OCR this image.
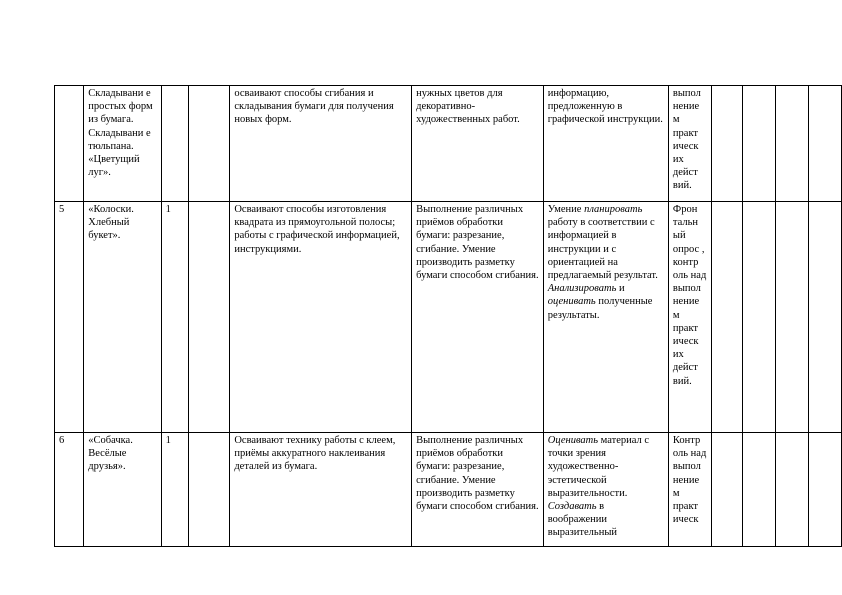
	Складывани е простых форм из бумага. Складывани е тюльпана. «Цветущий луг».			осваивают способы сгибания и складывания бумаги для получения новых форм.	нужных цветов для декоративно-художественных работ.	информацию, предложенную в графической инструкции.	выпол нение м практ ическ их дейст вий.				
5	«Колоски. Хлебный букет».	1		Осваивают способы изготовления квадрата из прямоугольной полосы; работы с графической информацией, инструкциями.	Выполнение различных приёмов обработки бумаги: разрезание, сгибание. Умение производить разметку бумаги способом сгибания.	Умение планировать работу в соответствии с информацией в инструкции и с ориентацией на предлагаемый результат. Анализировать и оценивать полученные результаты.	Фрон тальн ый опрос , контр оль над выпол нение м практ ическ их дейст вий.				
6	«Собачка. Весёлые друзья».	1		Осваивают технику работы с клеем, приёмы аккуратного наклеивания деталей из бумага.	Выполнение различных приёмов обработки бумаги: разрезание, сгибание. Умение производить разметку бумаги способом сгибания.	Оценивать материал с точки зрения художественно-эстетической выразительности. Создавать в воображении выразительный	Контр оль над выпол нение м практ ическ				
